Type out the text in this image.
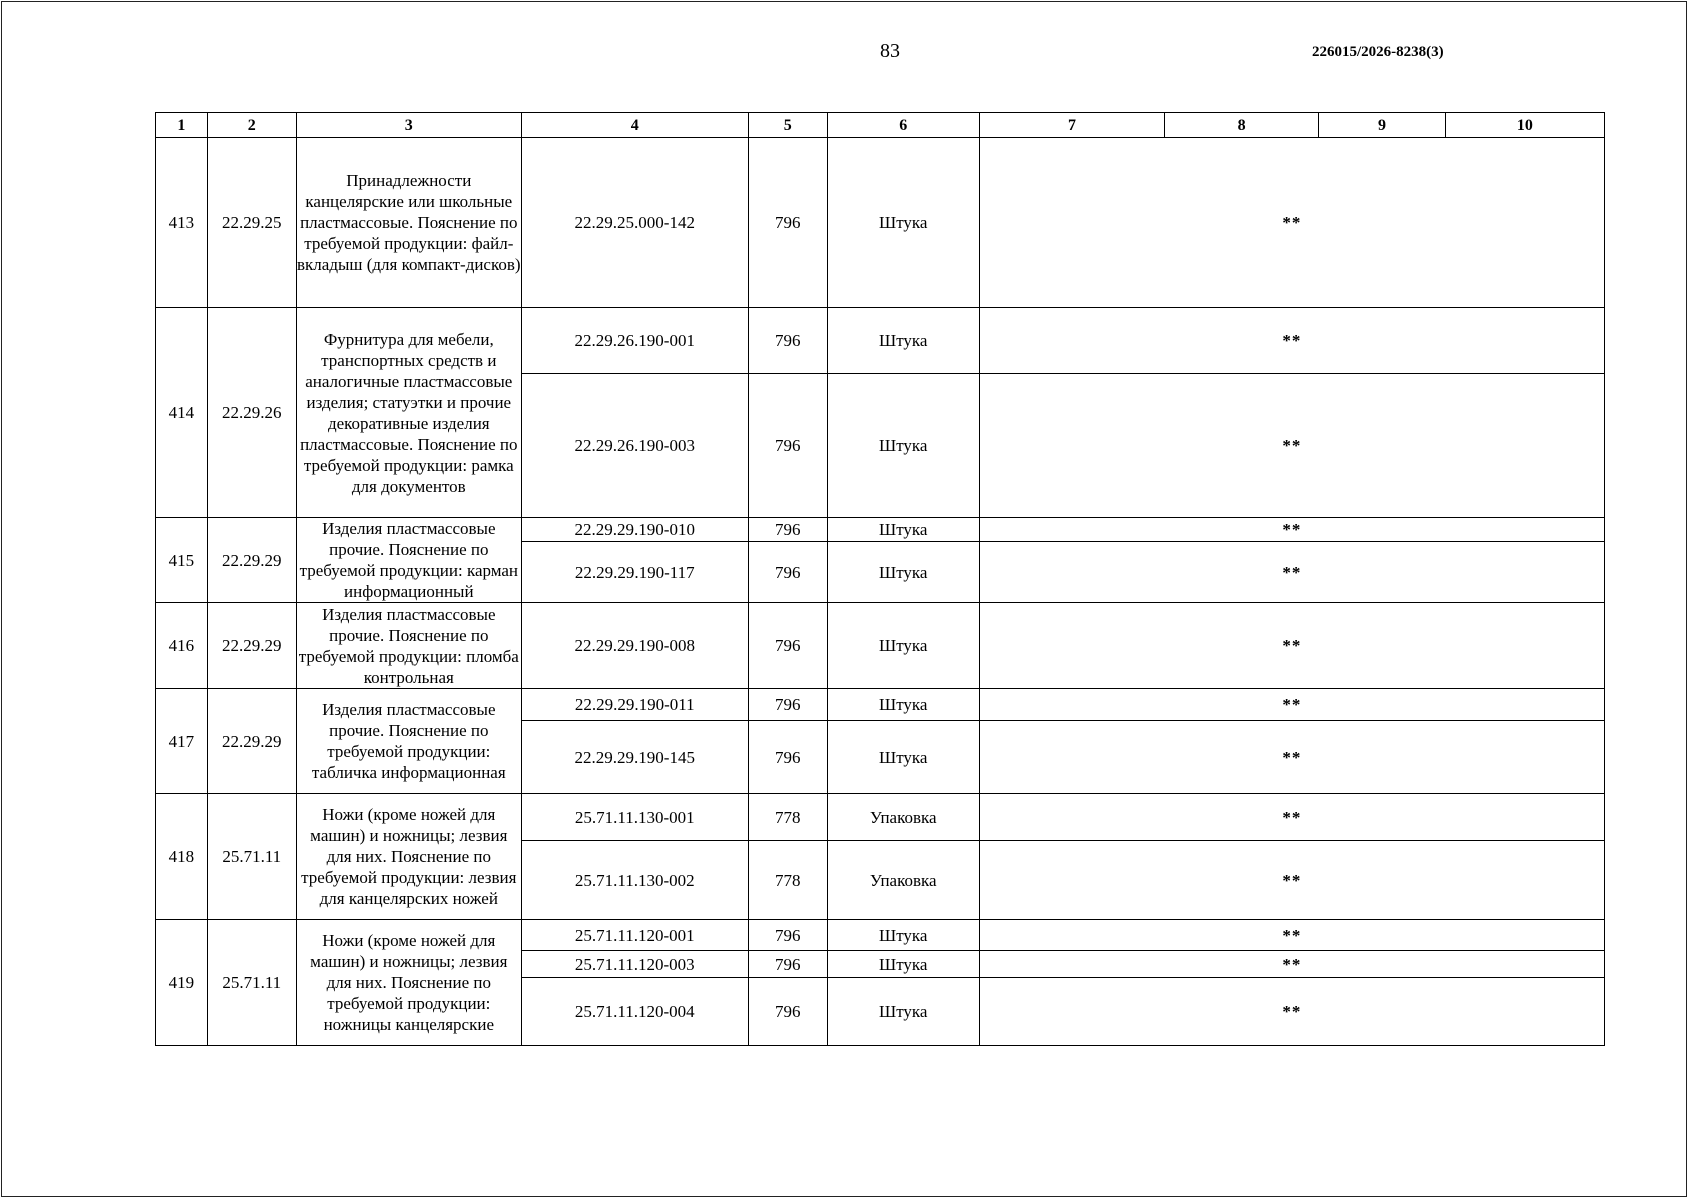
83	226015/2026-8238(3)
1	2	3	4	5	6	7	8	9	10
413	22.29.25	Принадлежности канцелярские или школьные пластмассовые. Пояснение по требуемой продукции: файл-вкладыш (для компакт-дисков)	22.29.25.000-142	796	Штука	**			
414	22.29.26	Фурнитура для мебели, транспортных средств и аналогичные пластмассовые изделия; статуэтки и прочие декоративные изделия пластмассовые. Пояснение по требуемой продукции: рамка для документов	22.29.26.190-001	796	Штука	**			
			22.29.26.190-003	796	Штука	**			
415	22.29.29	Изделия пластмассовые прочие. Пояснение по требуемой продукции: карман информационный	22.29.29.190-010	796	Штука	**			
			22.29.29.190-117	796	Штука	**			
416	22.29.29	Изделия пластмассовые прочие. Пояснение по требуемой продукции: пломба контрольная	22.29.29.190-008	796	Штука	**			
417	22.29.29	Изделия пластмассовые прочие. Пояснение по требуемой продукции: табличка информационная	22.29.29.190-011	796	Штука	**			
			22.29.29.190-145	796	Штука	**			
418	25.71.11	Ножи (кроме ножей для машин) и ножницы; лезвия для них. Пояснение по требуемой продукции: лезвия для канцелярских ножей	25.71.11.130-001	778	Упаковка	**			
			25.71.11.130-002	778	Упаковка	**			
419	25.71.11	Ножи (кроме ножей для машин) и ножницы; лезвия для них. Пояснение по требуемой продукции: ножницы канцелярские	25.71.11.120-001	796	Штука	**			
			25.71.11.120-003	796	Штука	**			
			25.71.11.120-004	796	Штука	**			
